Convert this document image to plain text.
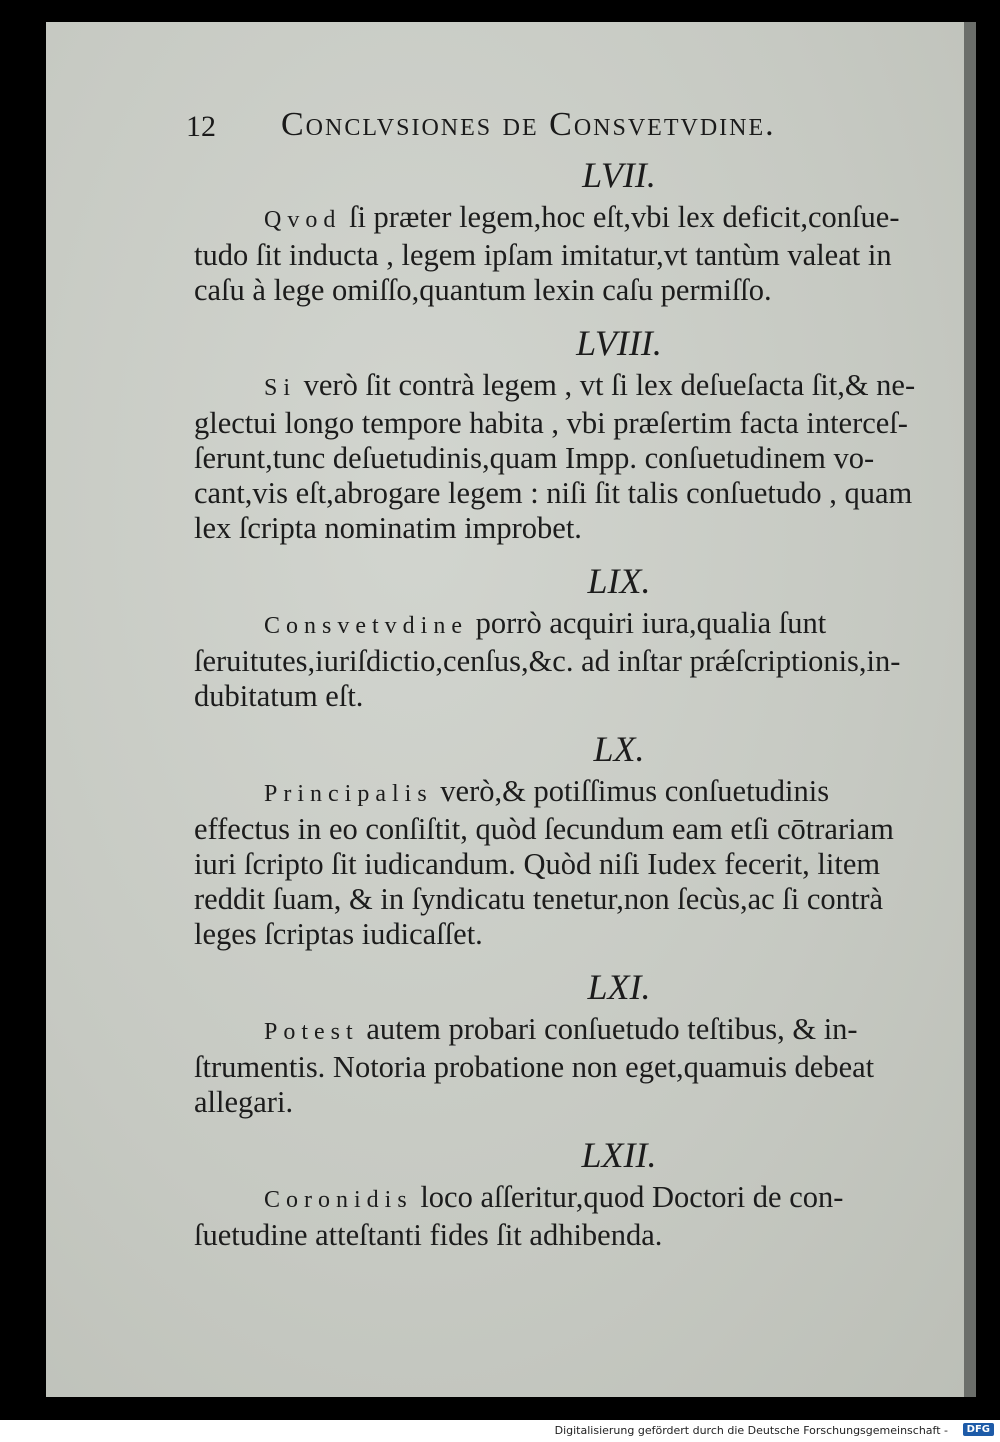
12 Conclvsiones de Consvetvdine.
LVII.
Qvod ſi præter legem,hoc eſt,vbi lex deficit,conſue-
tudo ſit inducta , legem ipſam imitatur,vt tantùm valeat in
caſu à lege omiſſo,quantum lexin caſu permiſſo.
LVIII.
Si verò ſit contrà legem , vt ſi lex deſueſacta ſit,& ne-
glectui longo tempore habita , vbi præſertim facta interceſ-
ſerunt,tunc deſuetudinis,quam Impp. conſuetudinem vo-
cant,vis eſt,abrogare legem : niſi ſit talis conſuetudo , quam
lex ſcripta nominatim improbet.
LIX.
Consvetvdine porrò acquiri iura,qualia ſunt
ſeruitutes,iuriſdictio,cenſus,&c. ad inſtar prǽſcriptionis,in-
dubitatum eſt.
LX.
Principalis verò,& potiſſimus conſuetudinis
effectus in eo conſiſtit, quòd ſecundum eam etſi cōtrariam
iuri ſcripto ſit iudicandum. Quòd niſi Iudex fecerit, litem
reddit ſuam, & in ſyndicatu tenetur,non ſecùs,ac ſi contrà
leges ſcriptas iudicaſſet.
LXI.
Potest autem probari conſuetudo teſtibus, & in-
ſtrumentis. Notoria probatione non eget,quamuis debeat
allegari.
LXII.
Coronidis loco aſſeritur,quod Doctori de con-
ſuetudine atteſtanti fides ſit adhibenda.
Digitalisierung gefördert durch die Deutsche Forschungsgemeinschaft -	DFG
